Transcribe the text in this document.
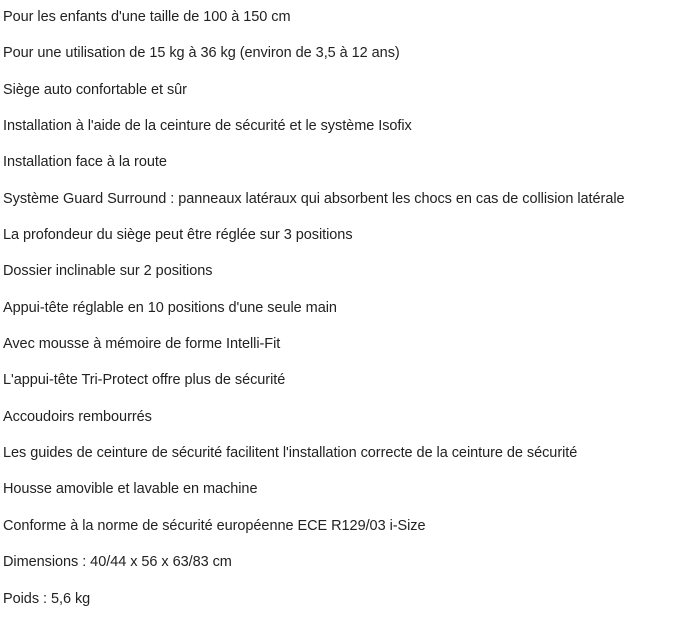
Pour les enfants d'une taille de 100 à 150 cm
Pour une utilisation de 15 kg à 36 kg (environ de 3,5 à 12 ans)
Siège auto confortable et sûr
Installation à l'aide de la ceinture de sécurité et le système Isofix
Installation face à la route
Système Guard Surround : panneaux latéraux qui absorbent les chocs en cas de collision latérale
La profondeur du siège peut être réglée sur 3 positions
Dossier inclinable sur 2 positions
Appui-tête réglable en 10 positions d'une seule main
Avec mousse à mémoire de forme Intelli-Fit
L'appui-tête Tri-Protect offre plus de sécurité
Accoudoirs rembourrés
Les guides de ceinture de sécurité facilitent l'installation correcte de la ceinture de sécurité
Housse amovible et lavable en machine
Conforme à la norme de sécurité européenne ECE R129/03 i-Size
Dimensions : 40/44 x 56 x 63/83 cm
Poids : 5,6 kg
